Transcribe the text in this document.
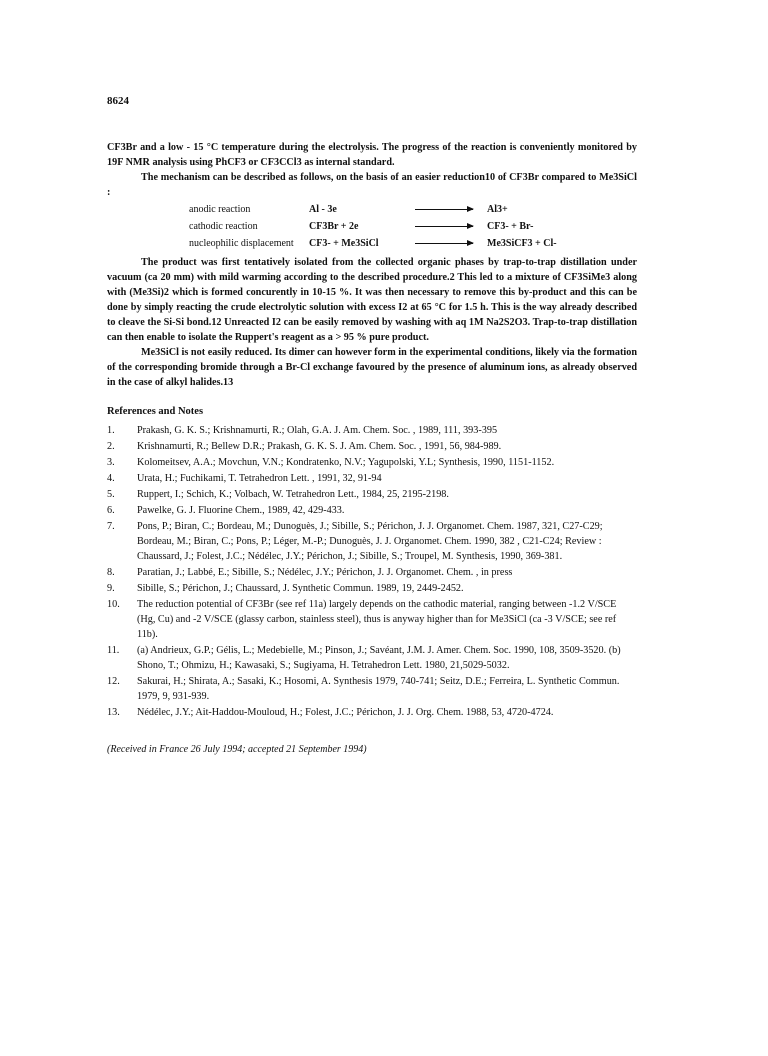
8624

CF3Br and a low - 15 °C temperature during the electrolysis. The progress of the reaction is conveniently monitored by 19F NMR analysis using PhCF3 or CF3CCl3 as internal standard.

The mechanism can be described as follows, on the basis of an easier reduction10 of CF3Br compared to Me3SiCl :

anodic reaction	Al - 3e		Al3+
cathodic reaction	CF3Br + 2e		CF3- + Br-
nucleophilic displacement	CF3- + Me3SiCl		Me3SiCF3 + Cl-

The product was first tentatively isolated from the collected organic phases by trap-to-trap distillation under vacuum (ca 20 mm) with mild warming according to the described procedure.2 This led to a mixture of CF3SiMe3 along with (Me3Si)2 which is formed concurently in 10-15 %. It was then necessary to remove this by-product and this can be done by simply reacting the crude electrolytic solution with excess I2 at 65 °C for 1.5 h. This is the way already described to cleave the Si-Si bond.12 Unreacted I2 can be easily removed by washing with aq 1M Na2S2O3. Trap-to-trap distillation can then enable to isolate the Ruppert's reagent as a > 95 % pure product.

Me3SiCl is not easily reduced. Its dimer can however form in the experimental conditions, likely via the formation of the corresponding bromide through a Br-Cl exchange favoured by the presence of aluminum ions, as already observed in the case of alkyl halides.13

References and Notes
1.	Prakash, G. K. S.; Krishnamurti, R.; Olah, G.A. J. Am. Chem. Soc. , 1989, 111, 393-395
2.	Krishnamurti, R.; Bellew D.R.; Prakash, G. K. S. J. Am. Chem. Soc. , 1991, 56, 984-989.
3.	Kolomeitsev, A.A.; Movchun, V.N.; Kondratenko, N.V.; Yagupolski, Y.L; Synthesis, 1990, 1151-1152.
4.	Urata, H.; Fuchikami, T. Tetrahedron Lett. , 1991, 32, 91-94
5.	Ruppert, I.; Schich, K.; Volbach, W. Tetrahedron Lett., 1984, 25, 2195-2198.
6.	Pawelke, G. J. Fluorine Chem., 1989, 42, 429-433.
7.	Pons, P.; Biran, C.; Bordeau, M.; Dunoguès, J.; Sibille, S.; Périchon, J. J. Organomet. Chem. 1987, 321, C27-C29; Bordeau, M.; Biran, C.; Pons, P.; Léger, M.-P.; Dunoguès, J. J. Organomet. Chem. 1990, 382 , C21-C24; Review : Chaussard, J.; Folest, J.C.; Nédélec, J.Y.; Périchon, J.; Sibille, S.; Troupel, M. Synthesis, 1990, 369-381.
8.	Paratian, J.; Labbé, E.; Sibille, S.; Nédélec, J.Y.; Périchon, J. J. Organomet. Chem. , in press
9.	Sibille, S.; Périchon, J.; Chaussard, J. Synthetic Commun. 1989, 19, 2449-2452.
10.	The reduction potential of CF3Br (see ref 11a) largely depends on the cathodic material, ranging between -1.2 V/SCE (Hg, Cu) and -2 V/SCE (glassy carbon, stainless steel), thus is anyway higher than for Me3SiCl (ca -3 V/SCE; see ref 11b).
11.	(a) Andrieux, G.P.; Gélis, L.; Medebielle, M.; Pinson, J.; Savéant, J.M. J. Amer. Chem. Soc. 1990, 108, 3509-3520. (b) Shono, T.; Ohmizu, H.; Kawasaki, S.; Sugiyama, H. Tetrahedron Lett. 1980, 21,5029-5032.
12.	Sakurai, H.; Shirata, A.; Sasaki, K.; Hosomi, A. Synthesis 1979, 740-741; Seitz, D.E.; Ferreira, L. Synthetic Commun. 1979, 9, 931-939.
13.	Nédélec, J.Y.; Ait-Haddou-Mouloud, H.; Folest, J.C.; Périchon, J. J. Org. Chem. 1988, 53, 4720-4724.
(Received in France 26 July 1994; accepted 21 September 1994)
